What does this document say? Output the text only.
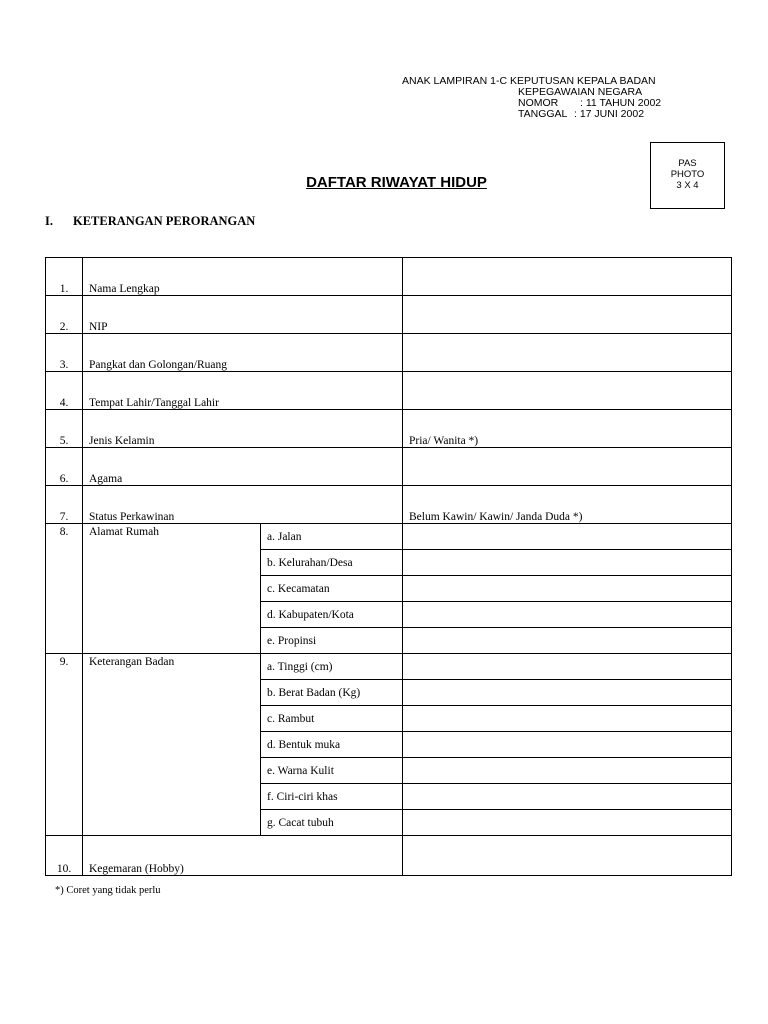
ANAK LAMPIRAN 1-C KEPUTUSAN KEPALA BADAN
KEPEGAWAIAN NEGARA
NOMOR : 11 TAHUN 2002
TANGGAL : 17 JUNI 2002
PAS
PHOTO
3 X 4
DAFTAR RIWAYAT HIDUP
I. KETERANGAN PERORANGAN
1.	Nama Lengkap		
2.	NIP		
3.	Pangkat dan Golongan/Ruang		
4.	Tempat Lahir/Tanggal Lahir		
5.	Jenis Kelamin		Pria/ Wanita *)
6.	Agama		
7.	Status Perkawinan		Belum Kawin/ Kawin/ Janda Duda *)
8.	Alamat Rumah	a. Jalan	
		b. Kelurahan/Desa	
		c. Kecamatan	
		d. Kabupaten/Kota	
		e. Propinsi	
9.	Keterangan Badan	a. Tinggi (cm)	
		b. Berat Badan (Kg)	
		c. Rambut	
		d. Bentuk muka	
		e. Warna Kulit	
		f. Ciri-ciri khas	
		g. Cacat tubuh	
10.	Kegemaran (Hobby)		
*) Coret yang tidak perlu
